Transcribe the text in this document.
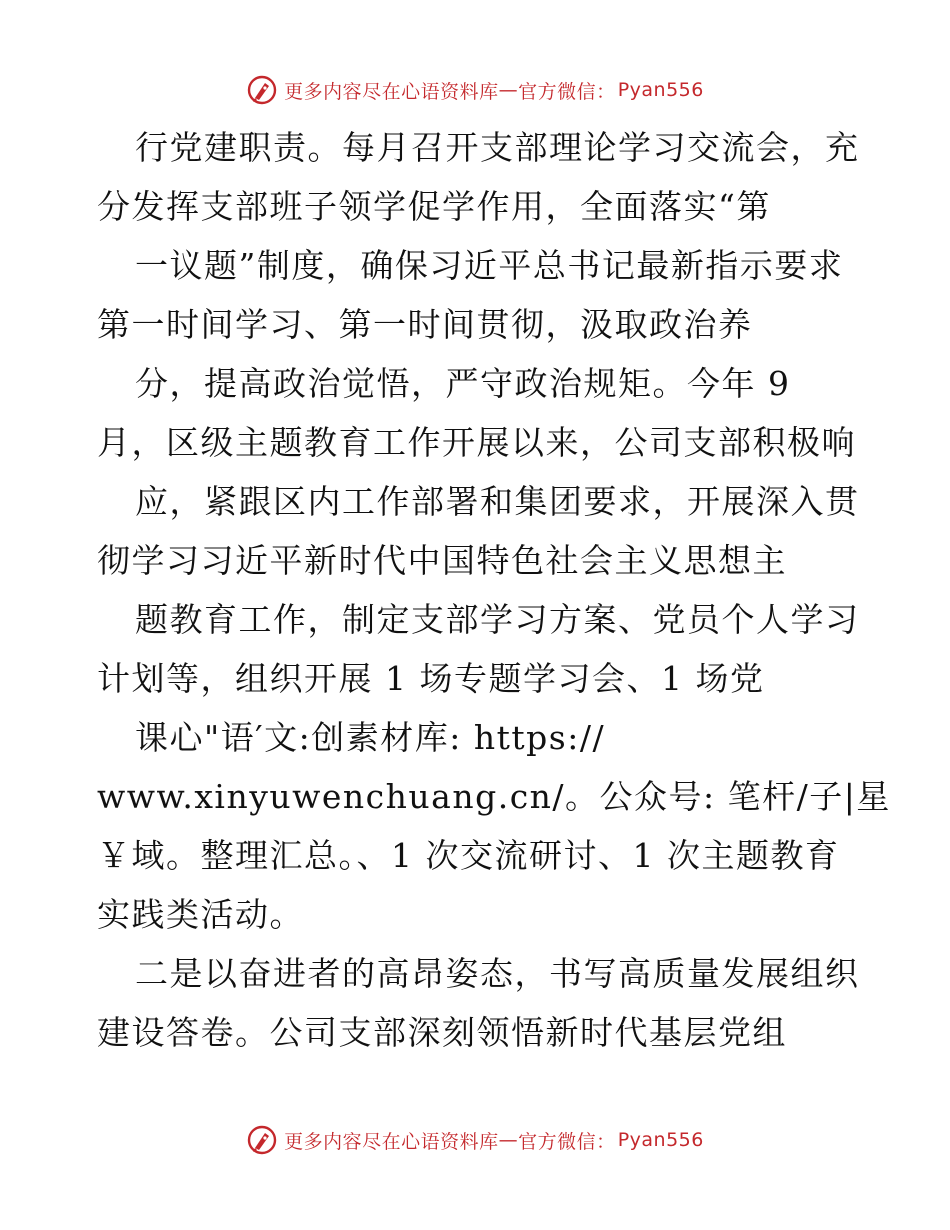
更多内容尽在心语资料库 — 官方微信： Pyan556
行党建职责。每月召开支部理论学习交流会，充
分发挥支部班子领学促学作用，全面落实“第
一议题”制度，确保习近平总书记最新指示要求
第一时间学习、第一时间贯彻，汲取政治养
分，提高政治觉悟，严守政治规矩。今年 9
月，区级主题教育工作开展以来，公司支部积极响
应，紧跟区内工作部署和集团要求，开展深入贯
彻学习习近平新时代中国特色社会主义思想主
题教育工作，制定支部学习方案、党员个人学习
计划等，组织开展 1 场专题学习会、1 场党
课心"语′文:创素材库: https://
www.xinyuwenchuang.cn/。公众号: 笔杆/子|星
￥域。整理汇总。、1 次交流研讨、1 次主题教育
实践类活动。
二是以奋进者的高昂姿态，书写高质量发展组织
建设答卷。公司支部深刻领悟新时代基层党组
更多内容尽在心语资料库 — 官方微信： Pyan556
